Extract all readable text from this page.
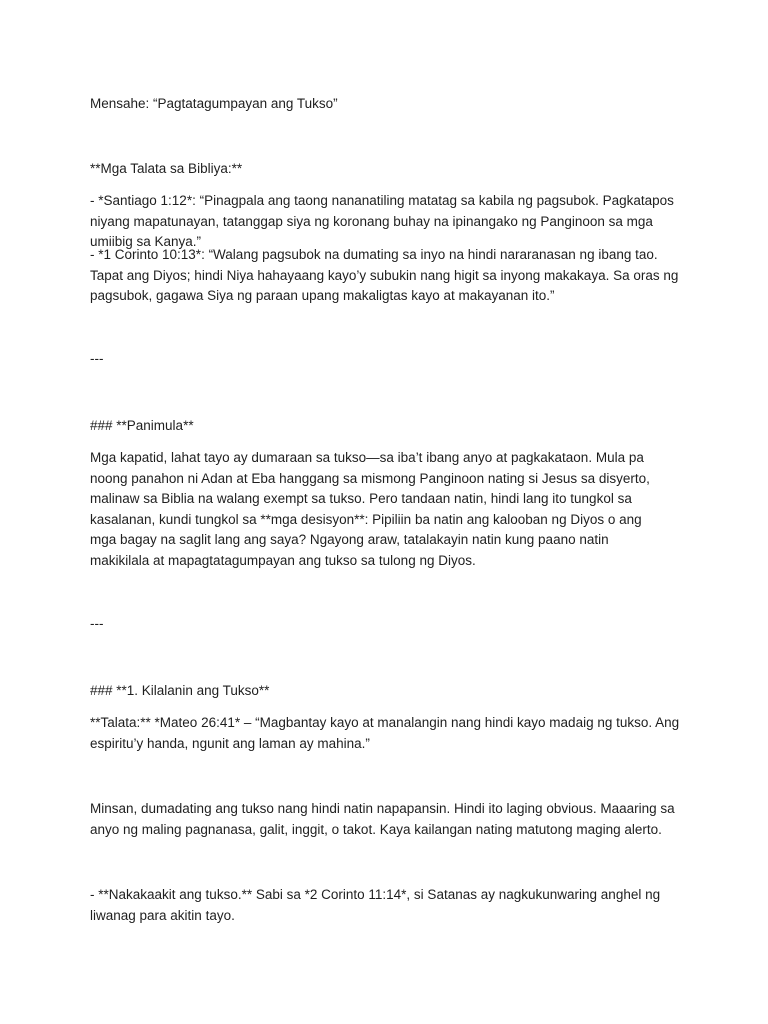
Mensahe: “Pagtatagumpayan ang Tukso”

**Mga Talata sa Bibliya:**

- *Santiago 1:12*: “Pinagpala ang taong nananatiling matatag sa kabila ng pagsubok. Pagkatapos niyang mapatunayan, tatanggap siya ng koronang buhay na ipinangako ng Panginoon sa mga umiibig sa Kanya.”

- *1 Corinto 10:13*: “Walang pagsubok na dumating sa inyo na hindi nararanasan ng ibang tao. Tapat ang Diyos; hindi Niya hahayaang kayo’y subukin nang higit sa inyong makakaya. Sa oras ng pagsubok, gagawa Siya ng paraan upang makaligtas kayo at makayanan ito.”

---

### **Panimula**

Mga kapatid, lahat tayo ay dumaraan sa tukso—sa iba’t ibang anyo at pagkakataon. Mula pa noong panahon ni Adan at Eba hanggang sa mismong Panginoon nating si Jesus sa disyerto, malinaw sa Biblia na walang exempt sa tukso. Pero tandaan natin, hindi lang ito tungkol sa kasalanan, kundi tungkol sa **mga desisyon**: Pipiliin ba natin ang kalooban ng Diyos o ang mga bagay na saglit lang ang saya? Ngayong araw, tatalakayin natin kung paano natin makikilala at mapagtatagumpayan ang tukso sa tulong ng Diyos.

---

### **1. Kilalanin ang Tukso**

**Talata:** *Mateo 26:41* – “Magbantay kayo at manalangin nang hindi kayo madaig ng tukso. Ang espiritu’y handa, ngunit ang laman ay mahina.”

Minsan, dumadating ang tukso nang hindi natin napapansin. Hindi ito laging obvious. Maaaring sa anyo ng maling pagnanasa, galit, inggit, o takot. Kaya kailangan nating matutong maging alerto.

- **Nakakaakit ang tukso.** Sabi sa *2 Corinto 11:14*, si Satanas ay nagkukunwaring anghel ng liwanag para akitin tayo.
